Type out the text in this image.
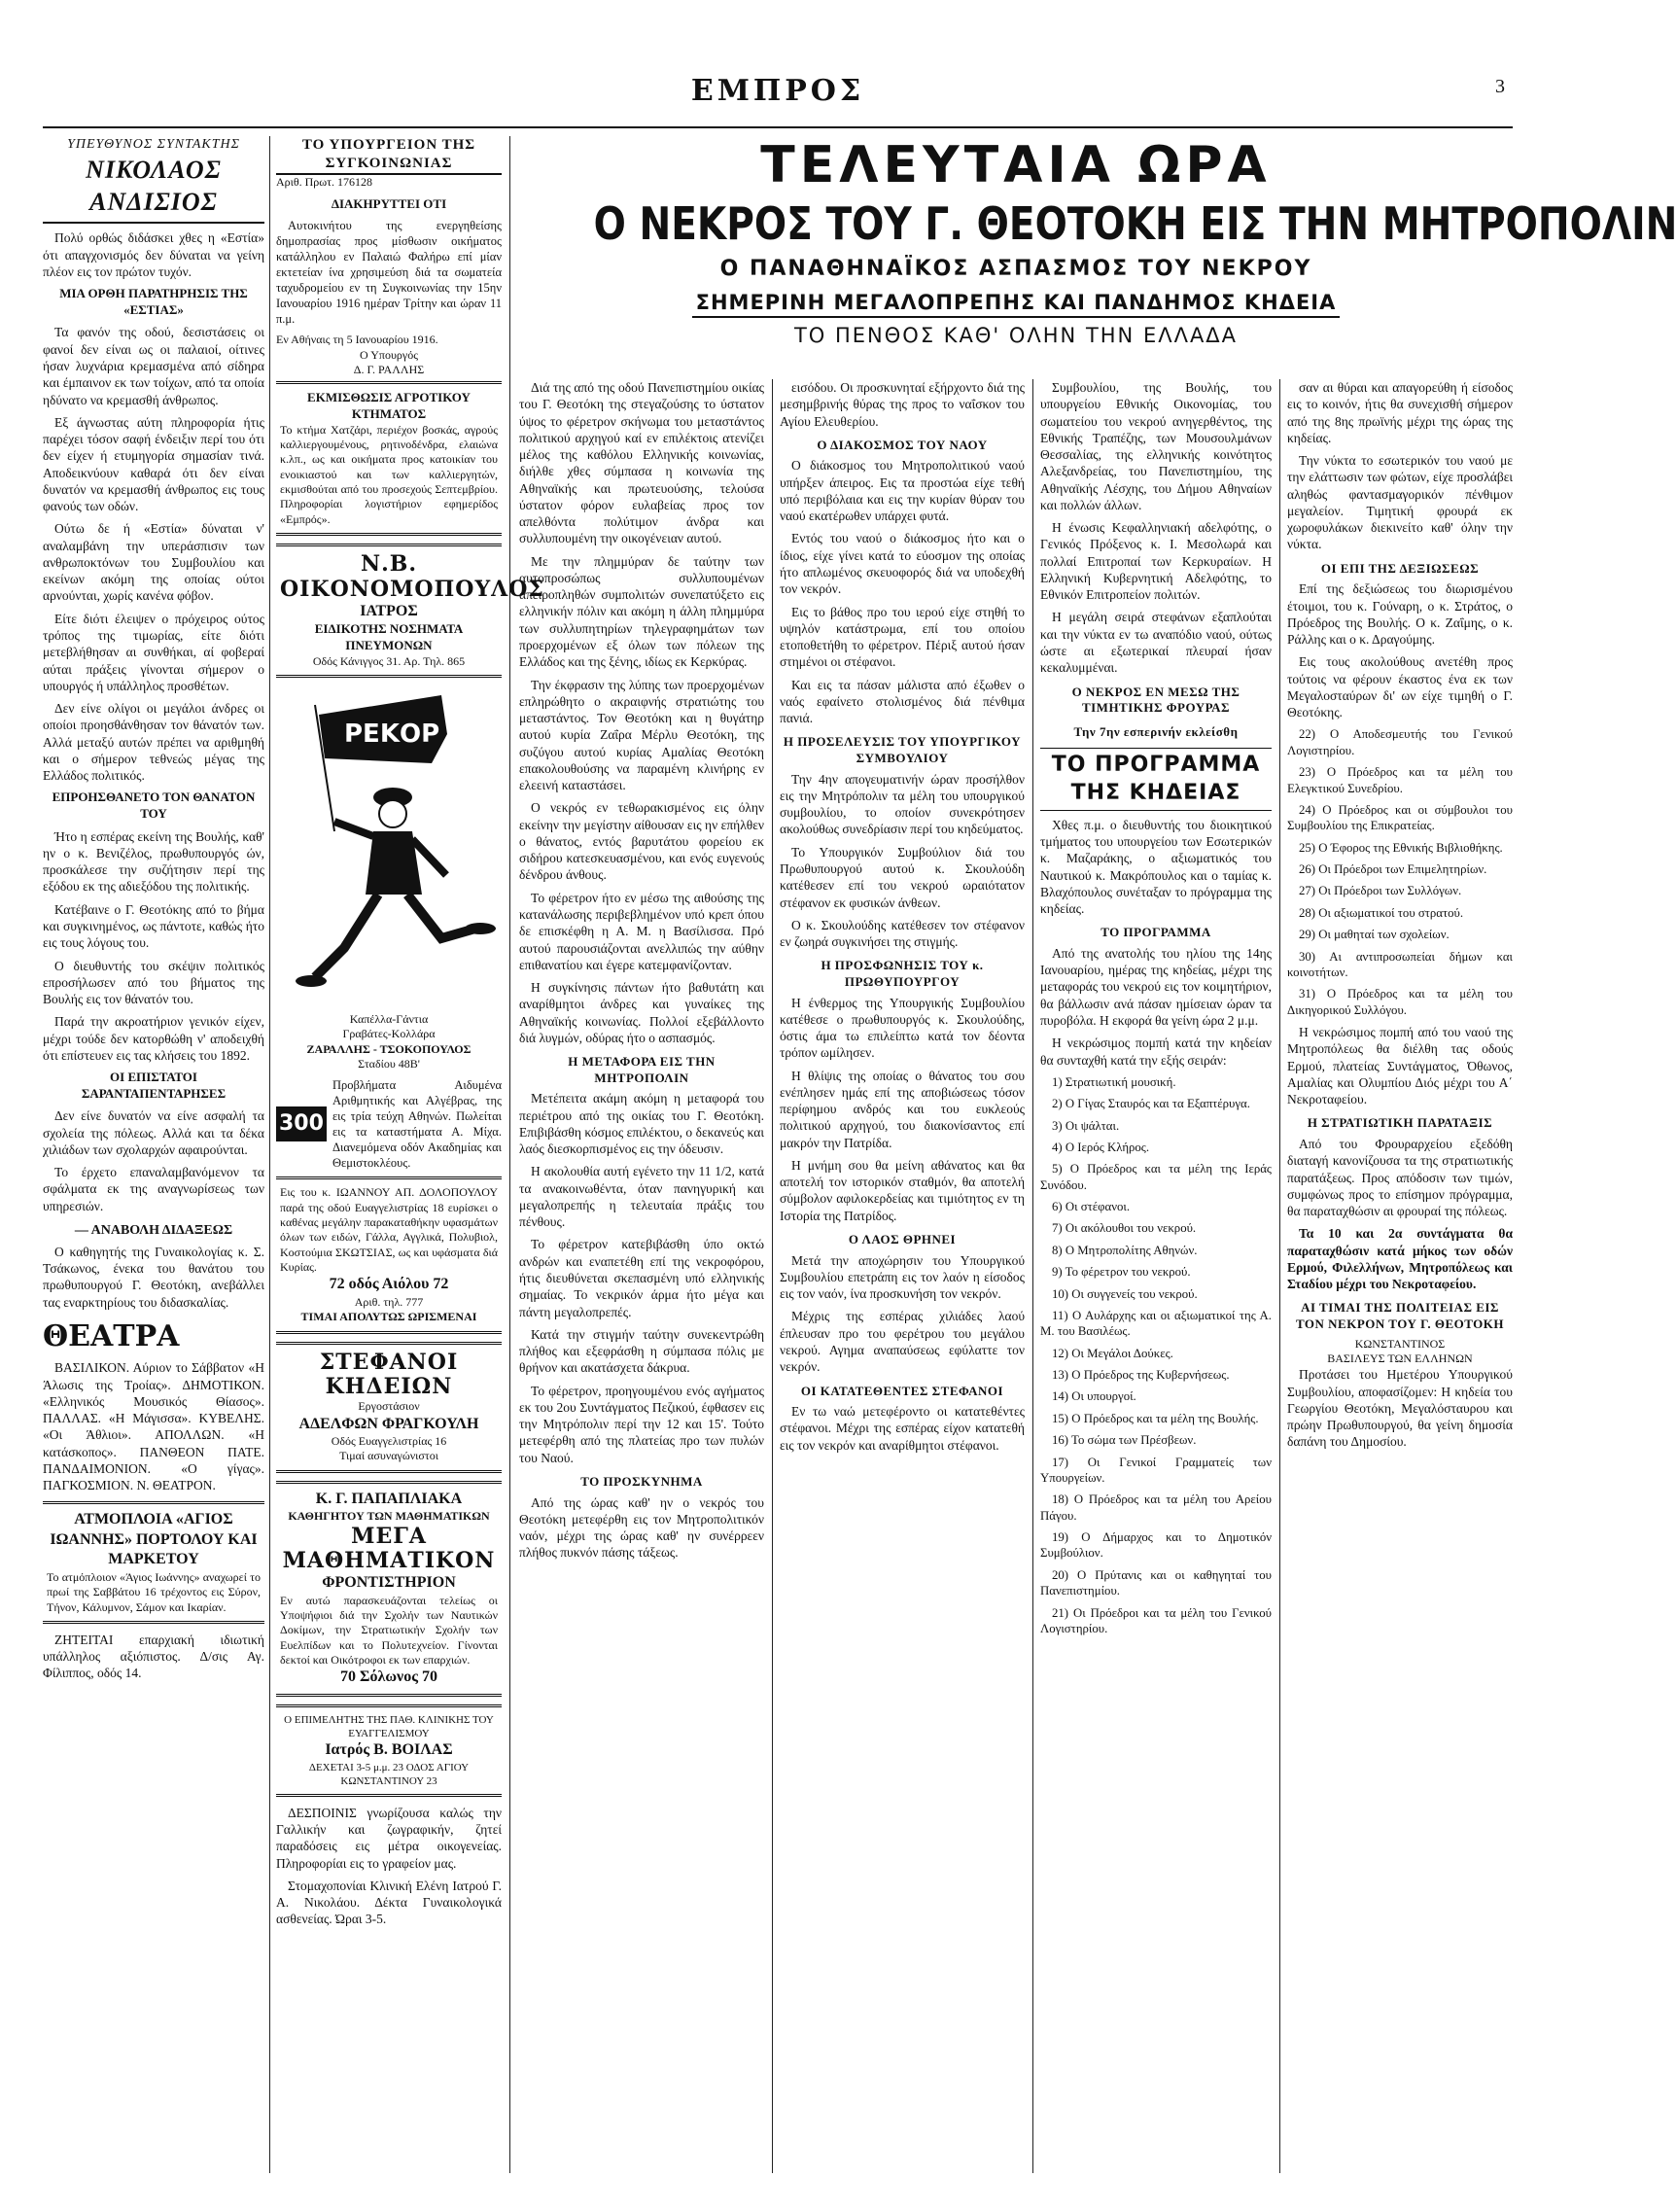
ΕΜΠΡΟΣ	3
ΥΠΕΥΘΥΝΟΣ ΣΥΝΤΑΚΤΗΣ
ΝΙΚΟΛΑΟΣ ΑΝΔΙΣΙΟΣ

Πολύ ορθώς διδάσκει χθες η «Εστία» ότι απαγχονισμός δεν δύναται να γείνη πλέον εις τον πρώτον τυχόν.

ΜΙΑ ΟΡΘΗ ΠΑΡΑΤΗΡΗΣΙΣ ΤΗΣ «ΕΣΤΙΑΣ»

Τα φανόν της οδού, δεσιστάσεις οι φανοί δεν είναι ως οι παλαιοί, οίτινες ήσαν λυχνάρια κρεμασμένα από σίδηρα και έμπαινον εκ των τοίχων, από τα οποία ηδύνατο να κρεμασθή άνθρωπος.

Εξ άγνωστας αύτη πληροφορία ήτις παρέχει τόσον σαφή ένδειξιν περί του ότι δεν είχεν ή ετυμηγορία σημασίαν τινά. Αποδεικνύουν καθαρά ότι δεν είναι δυνατόν να κρεμασθή άνθρωπος εις τους φανούς των οδών.

Ούτω δε ή «Εστία» δύναται ν' αναλαμβάνη την υπεράσπισιν των ανθρωποκτόνων του Συμβουλίου και εκείνων ακόμη της οποίας ούτοι αρνούνται, χωρίς κανένα φόβον.

Είτε διότι έλειψεν ο πρόχειρος ούτος τρόπος της τιμωρίας, είτε διότι μετεβλήθησαν αι συνθήκαι, αί φοβεραί αύται πράξεις γίνονται σήμερον ο υπουργός ή υπάλληλος προσθέτων.

Δεν είνε ολίγοι οι μεγάλοι άνδρες οι οποίοι προησθάνθησαν τον θάνατόν των. Αλλά μεταξύ αυτών πρέπει να αριθμηθή και ο σήμερον τεθνεώς μέγας της Ελλάδος πολιτικός.

ΕΠΡΟΗΣΘΑΝΕΤΟ ΤΟΝ ΘΑΝΑΤΟΝ ΤΟΥ

Ήτο η εσπέρας εκείνη της Βουλής, καθ' ην ο κ. Βενιζέλος, πρωθυπουργός ών, προσκάλεσε την συζήτησιν περί της εξόδου εκ της αδιεξόδου της πολιτικής.

Κατέβαινε ο Γ. Θεοτόκης από το βήμα και συγκινημένος, ως πάντοτε, καθώς ήτο εις τους λόγους του.

Ο διευθυντής του σκέψιν πολιτικός επροσήλωσεν από του βήματος της Βουλής εις τον θάνατόν του.

Παρά την ακροατήριον γενικόν είχεν, μέχρι τούδε δεν κατορθώθη ν' αποδειχθή ότι επίστευεν εις τας κλήσεις του 1892.

ΟΙ ΕΠΙΣΤΑΤΟΙ ΣΑΡΑΝΤΑΠΕΝΤΑΡΗΣΕΣ

Δεν είνε δυνατόν να είνε ασφαλή τα σχολεία της πόλεως. Αλλά και τα δέκα χιλιάδων των σχολαρχών αφαιρούνται.

Το έρχετο επαναλαμβανόμενον τα σφάλματα εκ της αναγνωρίσεως των υπηρεσιών.

— ΑΝΑΒΟΛΗ ΔΙΔΑΞΕΩΣ

Ο καθηγητής της Γυναικολογίας κ. Σ. Τσάκωνος, ένεκα του θανάτου του πρωθυπουργού Γ. Θεοτόκη, ανεβάλλει τας εναρκτηρίους του διδασκαλίας.

ΘΕΑΤΡΑ

ΒΑΣΙΛΙΚΟΝ. Αύριον το Σάββατον «Η Άλωσις της Τροίας». ΔΗΜΟΤΙΚΟΝ. «Ελληνικός Μουσικός Θίασος». ΠΑΛΛΑΣ. «Η Μάγισσα». ΚΥΒΕΛΗΣ. «Οι Άθλιοι». ΑΠΟΛΛΩΝ. «Η κατάσκοπος». ΠΑΝΘΕΟΝ ΠΑΤΕ. ΠΑΝΔΑΙΜΟΝΙΟΝ. «Ο γίγας». ΠΑΓΚΟΣΜΙΟΝ. Ν. ΘΕΑΤΡΟΝ.

ΑΤΜΟΠΛΟΙΑ «ΑΓΙΟΣ ΙΩΑΝΝΗΣ» ΠΟΡΤΟΛΟΥ ΚΑΙ ΜΑΡΚΕΤΟΥ
Το ατμόπλοιον «Άγιος Ιωάννης» αναχωρεί το πρωί της Σαββάτου 16 τρέχοντος εις Σύρον, Τήνον, Κάλυμνον, Σάμον και Ικαρίαν.

ΖΗΤΕΙΤΑΙ επαρχιακή ιδιωτική υπάλληλος αξιόπιστος. Δ/σις Αγ. Φίλιππος, οδός 14.

ΤΟ ΥΠΟΥΡΓΕΙΟΝ ΤΗΣ ΣΥΓΚΟΙΝΩΝΙΑΣ
Αριθ. Πρωτ. 176128
ΔΙΑΚΗΡΥΤΤΕΙ ΟΤΙ

Αυτοκινήτου της ενεργηθείσης δημοπρασίας προς μίσθωσιν οικήματος κατάλληλου εν Παλαιώ Φαλήρω επί μίαν εκτετείαν ίνα χρησιμεύση διά τα σωματεία ταχυδρομείου εν τη Συγκοινωνίας την 15ην Ιανουαρίου 1916 ημέραν Τρίτην και ώραν 11 π.μ.

Εν Αθήναις τη 5 Ιανουαρίου 1916.
Ο Υπουργός
Δ. Γ. ΡΑΛΛΗΣ
ΕΚΜΙΣΘΩΣΙΣ ΑΓΡΟΤΙΚΟΥ ΚΤΗΜΑΤΟΣ
Το κτήμα Χατζάρι, περιέχον βοσκάς, αγρούς καλλιεργουμένους, ρητινοδένδρα, ελαιώνα κ.λπ., ως και οικήματα προς κατοικίαν του ενοικιαστού και των καλλιεργητών, εκμισθούται από του προσεχούς Σεπτεμβρίου. Πληροφορίαι λογιστήριον εφημερίδος «Εμπρός».
Ν.Β. ΟΙΚΟΝΟΜΟΠΟΥΛΟΣ
ΙΑΤΡΟΣ
ΕΙΔΙΚΟΤΗΣ ΝΟΣΗΜΑΤΑ ΠΝΕΥΜΟΝΩΝ
Οδός Κάνιγγος 31. Αρ. Τηλ. 865
ΡΕΚΟΡ
Καπέλλα-Γάντια
Γραβάτες-Κολλάρα
ΖΑΡΑΛΛΗΣ - ΤΣΟΚΟΠΟΥΛΟΣ
Σταδίου 48Β'
300
Προβλήματα Αιδυμένα Αριθμητικής και Αλγέβρας, της εις τρία τεύχη Αθηνών. Πωλείται εις τα καταστήματα Α. Μίχα. Διανεμόμενα οδόν Ακαδημίας και Θεμιστοκλέους.
Εις του κ. ΙΩΑΝΝΟΥ ΑΠ. ΔΟΛΟΠΟΥΛΟΥ παρά της οδού Ευαγγελιστρίας 18 ευρίσκει ο καθένας μεγάλην παρακαταθήκην υφασμάτων όλων των ειδών, Γάλλα, Αγγλικά, Πολυβιολ, Κοστούμια ΣΚΩΤΣΙΑΣ, ως και υφάσματα διά Κυρίας.
72 οδός Αιόλου 72
Αριθ. τηλ. 777
ΤΙΜΑΙ ΑΠΟΛΥΤΩΣ ΩΡΙΣΜΕΝΑΙ
ΣΤΕΦΑΝΟΙ ΚΗΔΕΙΩΝ
Εργοστάσιον
ΑΔΕΛΦΩΝ ΦΡΑΓΚΟΥΛΗ
Οδός Ευαγγελιστρίας 16
Τιμαί ασυναγώνιστοι
Κ. Γ. ΠΑΠΑΠΛΙΑΚΑ
ΚΑΘΗΓΗΤΟΥ ΤΩΝ ΜΑΘΗΜΑΤΙΚΩΝ
ΜΕΓΑ
ΜΑΘΗΜΑΤΙΚΟΝ
ΦΡΟΝΤΙΣΤΗΡΙΟΝ
Εν αυτώ παρασκευάζονται τελείως οι Υποψήφιοι διά την Σχολήν των Ναυτικών Δοκίμων, την Στρατιωτικήν Σχολήν των Ευελπίδων και το Πολυτεχνείον. Γίνονται δεκτοί και Οικότροφοι εκ των επαρχιών.
70 Σόλωνος 70
Ο ΕΠΙΜΕΛΗΤΗΣ ΤΗΣ ΠΑΘ. ΚΛΙΝΙΚΗΣ ΤΟΥ ΕΥΑΓΓΕΛΙΣΜΟΥ
Ιατρός Β. ΒΟΙΛΑΣ
ΔΕΧΕΤΑΙ 3-5 μ.μ. 23 ΟΔΟΣ ΑΓΙΟΥ ΚΩΝΣΤΑΝΤΙΝΟΥ 23

ΔΕΣΠΟΙΝΙΣ γνωρίζουσα καλώς την Γαλλικήν και ζωγραφικήν, ζητεί παραδόσεις εις μέτρα οικογενείας. Πληροφορίαι εις το γραφείον μας.

Στομαχοπονίαι Κλινική Ελένη Ιατρού Γ. Α. Νικολάου. Δέκτα Γυναικολογικά ασθενείας. Ώραι 3-5.

ΤΕΛΕΥΤΑΙΑ ΩΡΑ
Ο ΝΕΚΡΟΣ ΤΟΥ Γ. ΘΕΟΤΟΚΗ ΕΙΣ ΤΗΝ ΜΗΤΡΟΠΟΛΙΝ
Ο ΠΑΝΑΘΗΝΑΪΚΟΣ ΑΣΠΑΣΜΟΣ ΤΟΥ ΝΕΚΡΟΥ
ΣΗΜΕΡΙΝΗ ΜΕΓΑΛΟΠΡΕΠΗΣ ΚΑΙ ΠΑΝΔΗΜΟΣ ΚΗΔΕΙΑ
ΤΟ ΠΕΝΘΟΣ ΚΑΘ' ΟΛΗΝ ΤΗΝ ΕΛΛΑΔΑ

Διά της από της οδού Πανεπιστημίου οικίας του Γ. Θεοτόκη της στεγαζούσης το ύστατον ύψος το φέρετρον σκήνωμα του μεταστάντος πολιτικού αρχηγού καί εν επιλέκτοις ατενίζει μέλος της καθόλου Ελληνικής κοινωνίας, διήλθε χθες σύμπασα η κοινωνία της Αθηναϊκής και πρωτευούσης, τελούσα ύστατον φόρον ευλαβείας προς τον απελθόντα πολύτιμον άνδρα και συλλυπουμένη την οικογένειαν αυτού.

Με την πλημμύραν δε ταύτην των αυτοπροσώπως συλλυπουμένων απειροπληθών συμπολιτών συνεπατύξετο εις ελληνικήν πόλιν και ακόμη η άλλη πλημμύρα των συλλυπητηρίων τηλεγραφημάτων των προερχομένων εξ όλων των πόλεων της Ελλάδος και της ξένης, ιδίως εκ Κερκύρας.

Την έκφρασιν της λύπης των προερχομένων επληρώθητο ο ακραιφνής στρατιώτης του μεταστάντος. Τον Θεοτόκη και η θυγάτηρ αυτού κυρία Ζαΐρα Μέρλυ Θεοτόκη, της συζύγου αυτού κυρίας Αμαλίας Θεοτόκη επακολουθούσης να παραμένη κλινήρης εν ελεεινή καταστάσει.

Ο νεκρός εν τεθωρακισμένος εις όλην εκείνην την μεγίστην αίθουσαν εις ην επήλθεν ο θάνατος, εντός βαρυτάτου φορείου εκ σιδήρου κατεσκευασμένου, και ενός ευγενούς δένδρου άνθους.

Το φέρετρον ήτο εν μέσω της αιθούσης της κατανάλωσης περιβεβλημένον υπό κρεπ όπου δε επισκέφθη η Α. Μ. η Βασίλισσα. Πρό αυτού παρουσιάζονται ανελλιπώς την αύθην επιθανατίου και έγερε κατεμφανίζονταν.

Η συγκίνησις πάντων ήτο βαθυτάτη και αναρίθμητοι άνδρες και γυναίκες της Αθηναϊκής κοινωνίας. Πολλοί εξεβάλλοντο διά λυγμών, οδύρας ήτο ο ασπασμός.

Η ΜΕΤΑΦΟΡΑ ΕΙΣ ΤΗΝ ΜΗΤΡΟΠΟΛΙΝ

Μετέπειτα ακάμη ακόμη η μεταφορά του περιέτρου από της οικίας του Γ. Θεοτόκη. Επιβιβάσθη κόσμος επιλέκτου, ο δεκανεύς και λαός διεσκορπισμένος εις την όδευσιν.

Η ακολουθία αυτή εγένετο την 11 1/2, κατά τα ανακοινωθέντα, όταν πανηγυρική και μεγαλοπρεπής η τελευταία πράξις του πένθους.

Το φέρετρον κατεβιβάσθη ύπο οκτώ ανδρών και εναπετέθη επί της νεκροφόρου, ήτις διευθύνεται σκεπασμένη υπό ελληνικής σημαίας. Το νεκρικόν άρμα ήτο μέγα και πάντη μεγαλοπρεπές.

Κατά την στιγμήν ταύτην συνεκεντρώθη πλήθος και εξεφράσθη η σύμπασα πόλις με θρήνον και ακατάσχετα δάκρυα.

Το φέρετρον, προηγουμένου ενός αγήματος εκ του 2ου Συντάγματος Πεζικού, έφθασεν εις την Μητρόπολιν περί την 12 και 15'. Τούτο μετεφέρθη από της πλατείας προ των πυλών του Ναού.

ΤΟ ΠΡΟΣΚΥΝΗΜΑ

Από της ώρας καθ' ην ο νεκρός του Θεοτόκη μετεφέρθη εις τον Μητροπολιτικόν ναόν, μέχρι της ώρας καθ' ην συνέρρεεν πλήθος πυκνόν πάσης τάξεως.

εισόδου. Οι προσκυνηταί εξήρχοντο διά της μεσημβρινής θύρας της προς το ναΐσκον του Αγίου Ελευθερίου.

Ο ΔΙΑΚΟΣΜΟΣ ΤΟΥ ΝΑΟΥ

Ο διάκοσμος του Μητροπολιτικού ναού υπήρξεν άπειρος. Εις τα προστώα είχε τεθή υπό περιβόλαια και εις την κυρίαν θύραν του ναού εκατέρωθεν υπάρχει φυτά.

Εντός του ναού ο διάκοσμος ήτο και ο ίδιος, είχε γίνει κατά το εύοσμον της οποίας ήτο απλωμένος σκευοφορός διά να υποδεχθή τον νεκρόν.

Εις το βάθος προ του ιερού είχε στηθή το υψηλόν κατάστρωμα, επί του οποίου ετοποθετήθη το φέρετρον. Πέριξ αυτού ήσαν στημένοι οι στέφανοι.

Και εις τα πάσαν μάλιστα από έξωθεν ο ναός εφαίνετο στολισμένος διά πένθιμα πανιά.

Η ΠΡΟΣΕΛΕΥΣΙΣ ΤΟΥ ΥΠΟΥΡΓΙΚΟΥ ΣΥΜΒΟΥΛΙΟΥ

Την 4ην απογευματινήν ώραν προσήλθον εις την Μητρόπολιν τα μέλη του υπουργικού συμβουλίου, το οποίον συνεκρότησεν ακολούθως συνεδρίασιν περί του κηδεύματος.

Το Υπουργικόν Συμβούλιον διά του Πρωθυπουργού αυτού κ. Σκουλούδη κατέθεσεν επί του νεκρού ωραιότατον στέφανον εκ φυσικών άνθεων.

Ο κ. Σκουλούδης κατέθεσεν τον στέφανον εν ζωηρά συγκινήσει της στιγμής.

Η ΠΡΟΣΦΩΝΗΣΙΣ ΤΟΥ κ. ΠΡΩΘΥΠΟΥΡΓΟΥ

Η ένθερμος της Υπουργικής Συμβουλίου κατέθεσε ο πρωθυπουργός κ. Σκουλούδης, όστις άμα τω επιλείπτω κατά τον δέοντα τρόπον ωμίλησεν.

Η θλίψις της οποίας ο θάνατος του σου ενέπλησεν ημάς επί της αποβιώσεως τόσον περίφημου ανδρός και του ευκλεούς πολιτικού αρχηγού, του διακονίσαντος επί μακρόν την Πατρίδα.

Η μνήμη σου θα μείνη αθάνατος και θα αποτελή τον ιστορικόν σταθμόν, θα αποτελή σύμβολον αφιλοκερδείας και τιμιότητος εν τη Ιστορία της Πατρίδος.

Ο ΛΑΟΣ ΘΡΗΝΕΙ

Μετά την αποχώρησιν του Υπουργικού Συμβουλίου επετράπη εις τον λαόν η είσοδος εις τον ναόν, ίνα προσκυνήση τον νεκρόν.

Μέχρις της εσπέρας χιλιάδες λαού έπλευσαν προ του φερέτρου του μεγάλου νεκρού. Αγημα αναπαύσεως εφύλαττε τον νεκρόν.

ΟΙ ΚΑΤΑΤΕΘΕΝΤΕΣ ΣΤΕΦΑΝΟΙ

Εν τω ναώ μετεφέροντο οι κατατεθέντες στέφανοι. Μέχρι της εσπέρας είχον κατατεθή εις τον νεκρόν και αναρίθμητοι στέφανοι.

Συμβουλίου, της Βουλής, του υπουργείου Εθνικής Οικονομίας, του σωματείου του νεκρού ανηγερθέντος, της Εθνικής Τραπέζης, των Μουσουλμάνων Θεσσαλίας, της ελληνικής κοινότητος Αλεξανδρείας, του Πανεπιστημίου, της Αθηναϊκής Λέσχης, του Δήμου Αθηναίων και πολλών άλλων.

Η ένωσις Κεφαλληνιακή αδελφότης, ο Γενικός Πρόξενος κ. Ι. Μεσολωρά και πολλαί Επιτροπαί των Κερκυραίων. Η Ελληνική Κυβερνητική Αδελφότης, το Εθνικόν Επιτροπείον πολιτών.

Η μεγάλη σειρά στεφάνων εξαπλούται και την νύκτα εν τω αναπόδιο ναού, ούτως ώστε αι εξωτερικαί πλευραί ήσαν κεκαλυμμέναι.

Ο ΝΕΚΡΟΣ ΕΝ ΜΕΣΩ ΤΗΣ ΤΙΜΗΤΙΚΗΣ ΦΡΟΥΡΑΣ
Την 7ην εσπερινήν εκλείσθη
ΤΟ ΠΡΟΓΡΑΜΜΑ ΤΗΣ ΚΗΔΕΙΑΣ

Χθες π.μ. ο διευθυντής του διοικητικού τμήματος του υπουργείου των Εσωτερικών κ. Μαζαράκης, ο αξιωματικός του Ναυτικού κ. Μακρόπουλος και ο ταμίας κ. Βλαχόπουλος συνέταξαν το πρόγραμμα της κηδείας.

ΤΟ ΠΡΟΓΡΑΜΜΑ

Από της ανατολής του ηλίου της 14ης Ιανουαρίου, ημέρας της κηδείας, μέχρι της μεταφοράς του νεκρού εις τον κοιμητήριον, θα βάλλωσιν ανά πάσαν ημίσειαν ώραν τα πυροβόλα. Η εκφορά θα γείνη ώρα 2 μ.μ.

Η νεκρώσιμος πομπή κατά την κηδείαν θα συνταχθή κατά την εξής σειράν:

1) Στρατιωτική μουσική.

2) Ο Γίγας Σταυρός και τα Εξαπτέρυγα.

3) Οι ψάλται.

4) Ο Ιερός Κλήρος.

5) Ο Πρόεδρος και τα μέλη της Ιεράς Συνόδου.

6) Οι στέφανοι.

7) Οι ακόλουθοι του νεκρού.

8) Ο Μητροπολίτης Αθηνών.

9) Το φέρετρον του νεκρού.

10) Οι συγγενείς του νεκρού.

11) Ο Αυλάρχης και οι αξιωματικοί της Α. Μ. του Βασιλέως.

12) Οι Μεγάλοι Δούκες.

13) Ο Πρόεδρος της Κυβερνήσεως.

14) Οι υπουργοί.

15) Ο Πρόεδρος και τα μέλη της Βουλής.

16) Το σώμα των Πρέσβεων.

17) Οι Γενικοί Γραμματείς των Υπουργείων.

18) Ο Πρόεδρος και τα μέλη του Αρείου Πάγου.

19) Ο Δήμαρχος και το Δημοτικόν Συμβούλιον.

20) Ο Πρύτανις και οι καθηγηταί του Πανεπιστημίου.

21) Οι Πρόεδροι και τα μέλη του Γενικού Λογιστηρίου.

σαν αι θύραι και απαγορεύθη ή είσοδος εις το κοινόν, ήτις θα συνεχισθή σήμερον από της 8ης πρωϊνής μέχρι της ώρας της κηδείας.

Την νύκτα το εσωτερικόν του ναού με την ελάττωσιν των φώτων, είχε προσλάβει αληθώς φαντασμαγορικόν πένθιμον μεγαλείον. Τιμητική φρουρά εκ χωροφυλάκων διεκινείτο καθ' όλην την νύκτα.

ΟΙ ΕΠΙ ΤΗΣ ΔΕΞΙΩΣΕΩΣ

Επί της δεξιώσεως του διωρισμένου έτοιμοι, του κ. Γούναρη, ο κ. Στράτος, ο Πρόεδρος της Βουλής. Ο κ. Ζαΐμης, ο κ. Ράλλης και ο κ. Δραγούμης.

Εις τους ακολούθους ανετέθη προς τούτοις να φέρουν έκαστος ένα εκ των Μεγαλοσταύρων δι' ων είχε τιμηθή ο Γ. Θεοτόκης.

22) Ο Αποδεσμευτής του Γενικού Λογιστηρίου.

23) Ο Πρόεδρος και τα μέλη του Ελεγκτικού Συνεδρίου.

24) Ο Πρόεδρος και οι σύμβουλοι του Συμβουλίου της Επικρατείας.

25) Ο Έφορος της Εθνικής Βιβλιοθήκης.

26) Οι Πρόεδροι των Επιμελητηρίων.

27) Οι Πρόεδροι των Συλλόγων.

28) Οι αξιωματικοί του στρατού.

29) Οι μαθηταί των σχολείων.

30) Αι αντιπροσωπείαι δήμων και κοινοτήτων.

31) Ο Πρόεδρος και τα μέλη του Δικηγορικού Συλλόγου.

Η νεκρώσιμος πομπή από του ναού της Μητροπόλεως θα διέλθη τας οδούς Ερμού, πλατείας Συντάγματος, Όθωνος, Αμαλίας και Ολυμπίου Διός μέχρι του Α΄ Νεκροταφείου.

Η ΣΤΡΑΤΙΩΤΙΚΗ ΠΑΡΑΤΑΞΙΣ

Από του Φρουραρχείου εξεδόθη διαταγή κανονίζουσα τα της στρατιωτικής παρατάξεως. Προς απόδοσιν των τιμών, συμφώνως προς το επίσημον πρόγραμμα, θα παραταχθώσιν αι φρουραί της πόλεως.

Τα 10 και 2α συντάγματα θα παραταχθώσιν κατά μήκος των οδών Ερμού, Φιλελλήνων, Μητροπόλεως και Σταδίου μέχρι του Νεκροταφείου.

ΑΙ ΤΙΜΑΙ ΤΗΣ ΠΟΛΙΤΕΙΑΣ ΕΙΣ ΤΟΝ ΝΕΚΡΟΝ ΤΟΥ Γ. ΘΕΟΤΟΚΗ
ΚΩΝΣΤΑΝΤΙΝΟΣ
ΒΑΣΙΛΕΥΣ ΤΩΝ ΕΛΛΗΝΩΝ

Προτάσει του Ημετέρου Υπουργικού Συμβουλίου, αποφασίζομεν: Η κηδεία του Γεωργίου Θεοτόκη, Μεγαλόσταυρου και πρώην Πρωθυπουργού, θα γείνη δημοσία δαπάνη του Δημοσίου.
